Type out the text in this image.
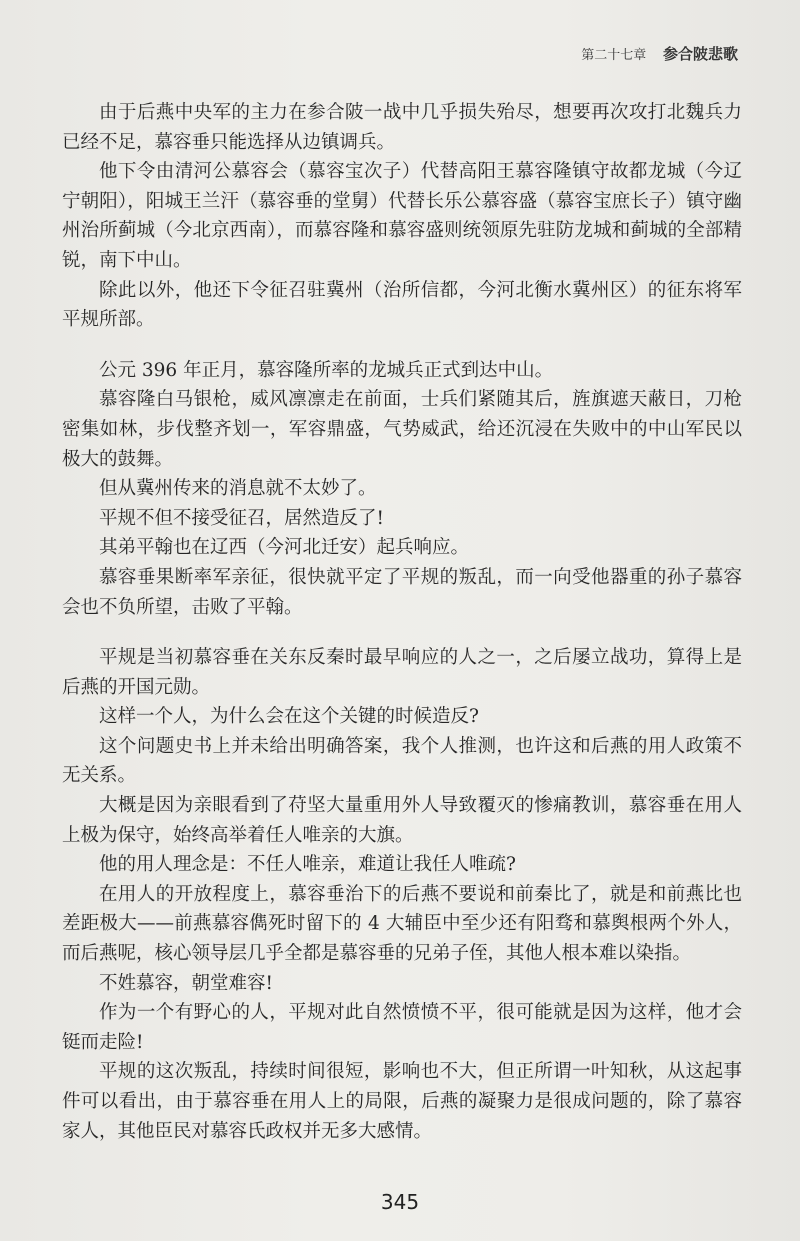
第二十七章 参合陂悲歌

由于后燕中央军的主力在参合陂一战中几乎损失殆尽，想要再次攻打北魏兵力已经不足，慕容垂只能选择从边镇调兵。

他下令由清河公慕容会（慕容宝次子）代替高阳王慕容隆镇守故都龙城（今辽宁朝阳），阳城王兰汗（慕容垂的堂舅）代替长乐公慕容盛（慕容宝庶长子）镇守幽州治所蓟城（今北京西南），而慕容隆和慕容盛则统领原先驻防龙城和蓟城的全部精锐，南下中山。

除此以外，他还下令征召驻冀州（治所信都，今河北衡水冀州区）的征东将军平规所部。

公元 396 年正月，慕容隆所率的龙城兵正式到达中山。

慕容隆白马银枪，威风凛凛走在前面，士兵们紧随其后，旌旗遮天蔽日，刀枪密集如林，步伐整齐划一，军容鼎盛，气势威武，给还沉浸在失败中的中山军民以极大的鼓舞。

但从冀州传来的消息就不太妙了。

平规不但不接受征召，居然造反了!

其弟平翰也在辽西（今河北迁安）起兵响应。

慕容垂果断率军亲征，很快就平定了平规的叛乱，而一向受他器重的孙子慕容会也不负所望，击败了平翰。

平规是当初慕容垂在关东反秦时最早响应的人之一，之后屡立战功，算得上是后燕的开国元勋。

这样一个人，为什么会在这个关键的时候造反?

这个问题史书上并未给出明确答案，我个人推测，也许这和后燕的用人政策不无关系。

大概是因为亲眼看到了苻坚大量重用外人导致覆灭的惨痛教训，慕容垂在用人上极为保守，始终高举着任人唯亲的大旗。

他的用人理念是：不任人唯亲，难道让我任人唯疏?

在用人的开放程度上，慕容垂治下的后燕不要说和前秦比了，就是和前燕比也差距极大——前燕慕容儁死时留下的 4 大辅臣中至少还有阳骛和慕舆根两个外人，而后燕呢，核心领导层几乎全都是慕容垂的兄弟子侄，其他人根本难以染指。

不姓慕容，朝堂难容!

作为一个有野心的人，平规对此自然愤愤不平，很可能就是因为这样，他才会铤而走险!

平规的这次叛乱，持续时间很短，影响也不大，但正所谓一叶知秋，从这起事件可以看出，由于慕容垂在用人上的局限，后燕的凝聚力是很成问题的，除了慕容家人，其他臣民对慕容氏政权并无多大感情。

345
